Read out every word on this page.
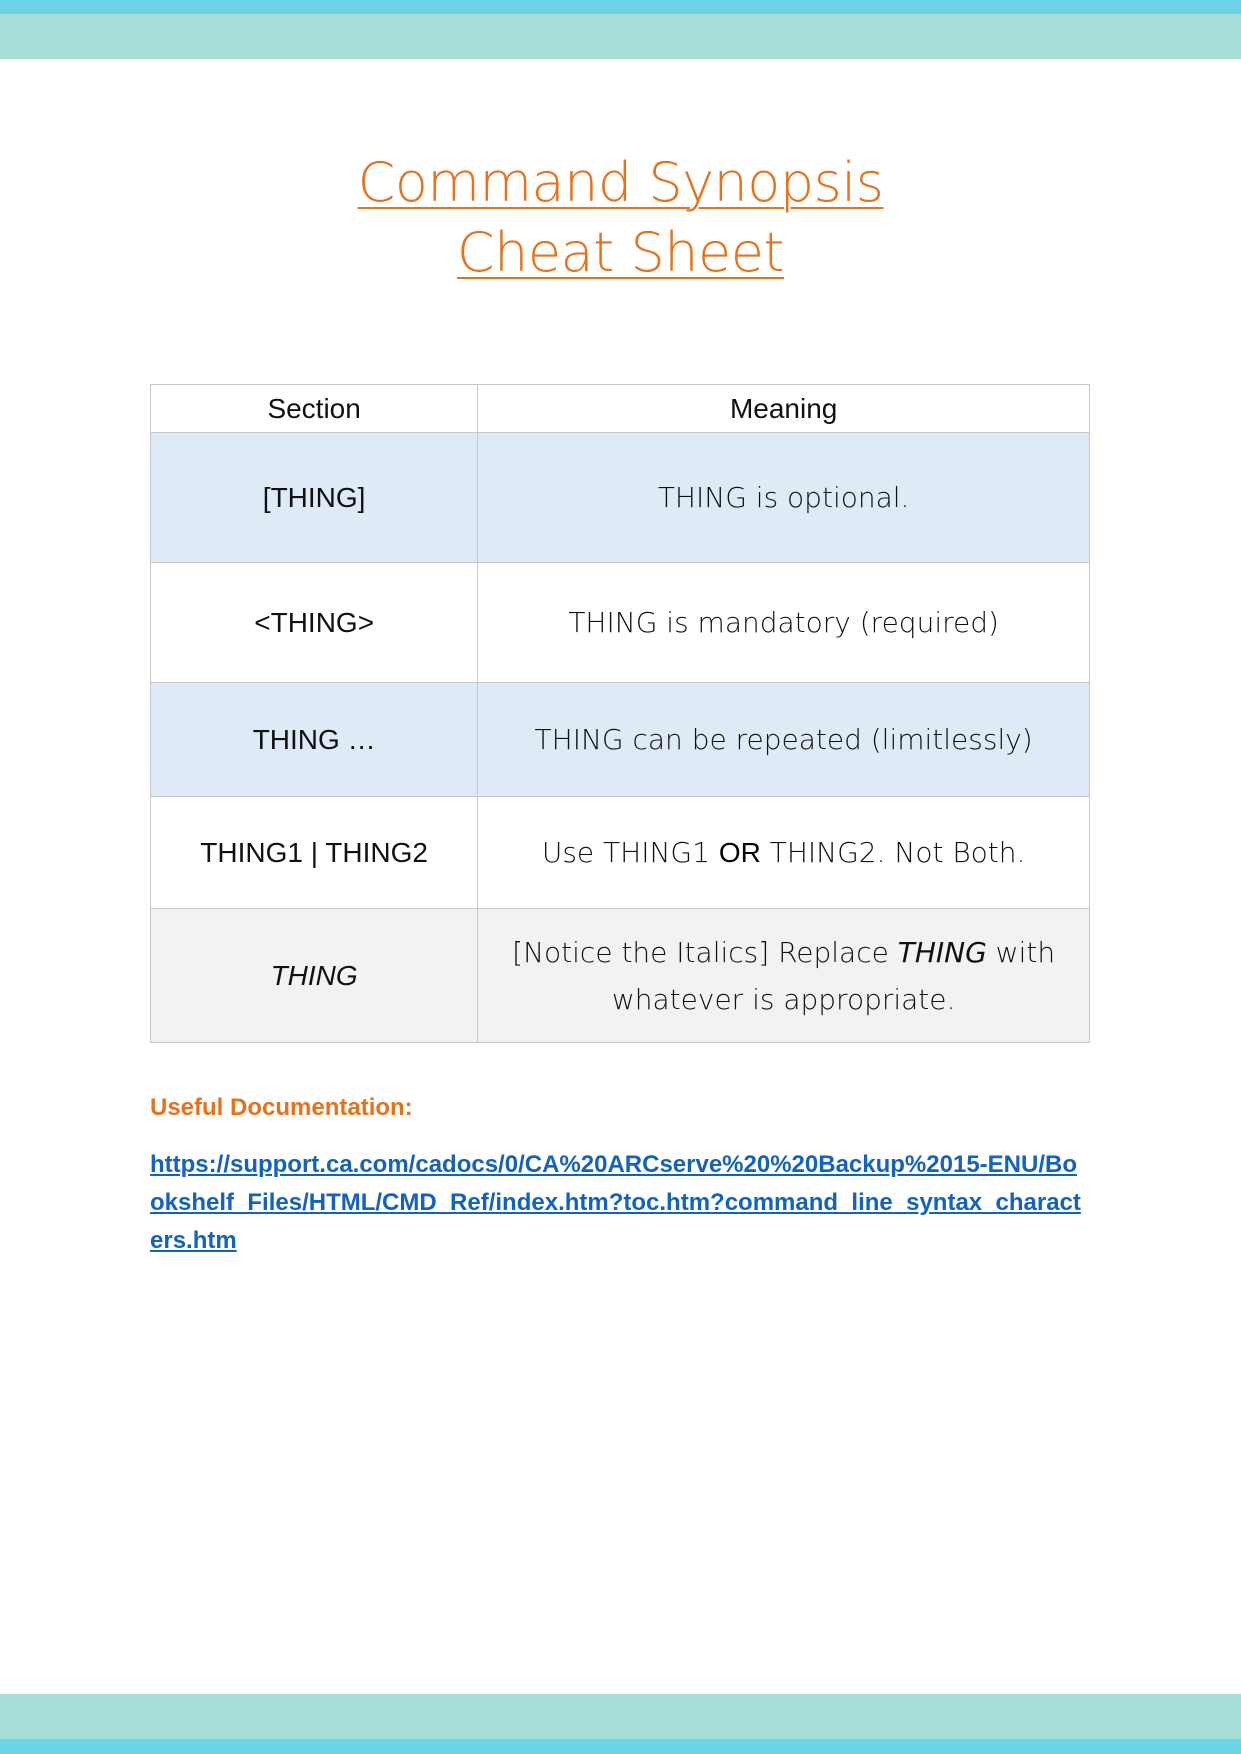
Command Synopsis
Cheat Sheet
Section	Meaning
[THING]	THING is optional.
<THING>	THING is mandatory (required)
THING …	THING can be repeated (limitlessly)
THING1 | THING2	Use THING1 OR THING2. Not Both.
THING	[Notice the Italics] Replace THING with whatever is appropriate.
Useful Documentation:
https://support.ca.com/cadocs/0/CA%20ARCserve%20%20Backup%2015-ENU/Bookshelf_Files/HTML/CMD_Ref/index.htm?toc.htm?command_line_syntax_characters.htm
